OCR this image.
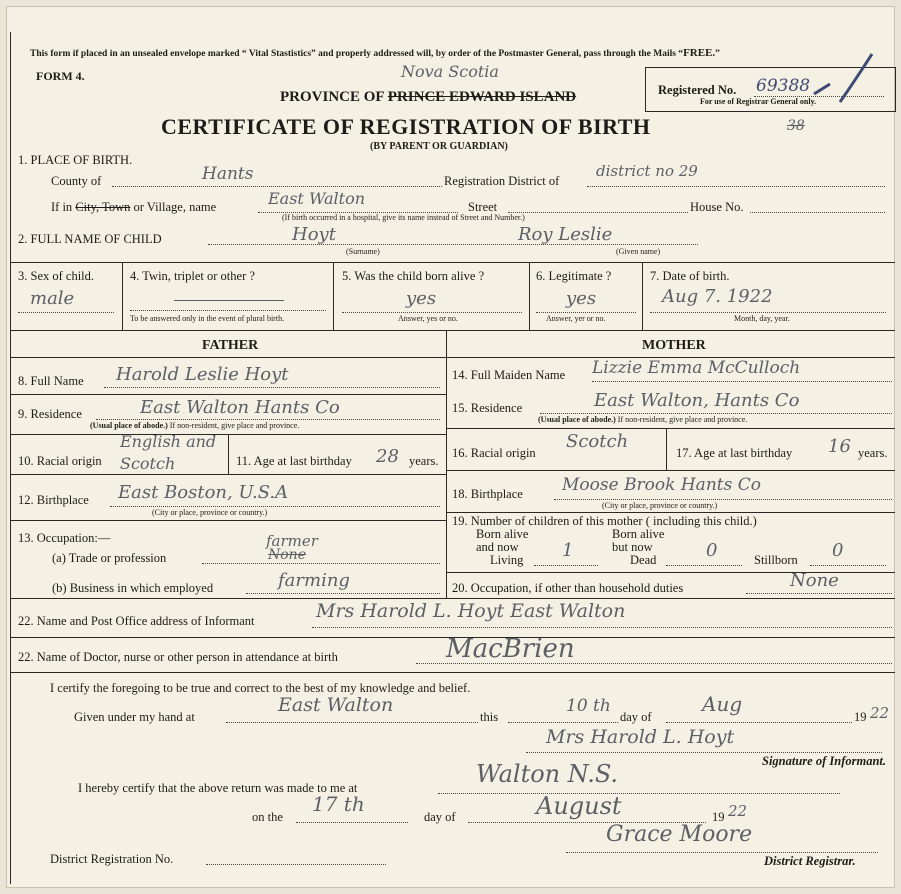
This form if placed in an unsealed envelope marked “ Vital Stastistics” and properly addressed will, by order of the Postmaster General, pass through the Mails “FREE.”
FORM 4.	Nova Scotia
PROVINCE OF PRINCE EDWARD ISLAND	Registered No. 69388
For use of Registrar General only.
CERTIFICATE OF REGISTRATION OF BIRTH
(BY PARENT OR GUARDIAN)
38
1. PLACE OF BIRTH.
County of	Hants	Registration District of
district no 29
If in City, Town or Village, name	East Walton	Street	House No.
(If birth occurred in a hospital, give its name instead of Street and Number.)
2. FULL NAME OF CHILD	Hoyt
(Surname)
Roy Leslie
(Given name)
3. Sex of child.
male
4. Twin, triplet or other ?
To be answered only in the event of plural birth.
5. Was the child born alive ?
yes
Answer, yes or no.
6. Legitimate ?
yes
Answer, yer or no.
7. Date of birth.
Aug 7. 1922
Month, day, year.
FATHER	MOTHER
8. Full Name Harold Leslie Hoyt
9. Residence	East Walton Hants Co
(Usual place of abode.) If non-resident, give place and province.
10. Racial origin
English and
Scotch	11. Age at last birthday 28 years.
12. Birthplace East Boston, U.S.A
(City or place, province or country.)
13. Occupation:—
(a) Trade or profession
farmer
None
(b) Business in which employed	farming
14. Full Maiden Name Lizzie Emma McCulloch
15. Residence	East Walton, Hants Co
(Usual place of abode.) If non-resident, give place and province.
16. Racial origin
Scotch
17. Age at last birthday 16 years.
18. Birthplace Moose Brook Hants Co
(City or place, province or country.)
19. Number of children of this mother ( including this child.)
Born alive
and now
Living 1
Born alive
but now
Dead	0	Stillborn 0
20. Occupation, if other than household duties	None
22. Name and Post Office address of Informant	Mrs Harold L. Hoyt East Walton
22. Name of Doctor, nurse or other person in attendance at birth	MacBrien
I certify the foregoing to be true and correct to the best of my knowledge and belief.
Given under my hand at
East Walton
this
10 th
day of
Aug
19 22
Mrs Harold L. Hoyt
Signature of Informant.
I hereby certify that the above return was made to me at	Walton N.S.
on the
17 th
day of	August	19 22
District Registration No.
Grace Moore
District Registrar.
